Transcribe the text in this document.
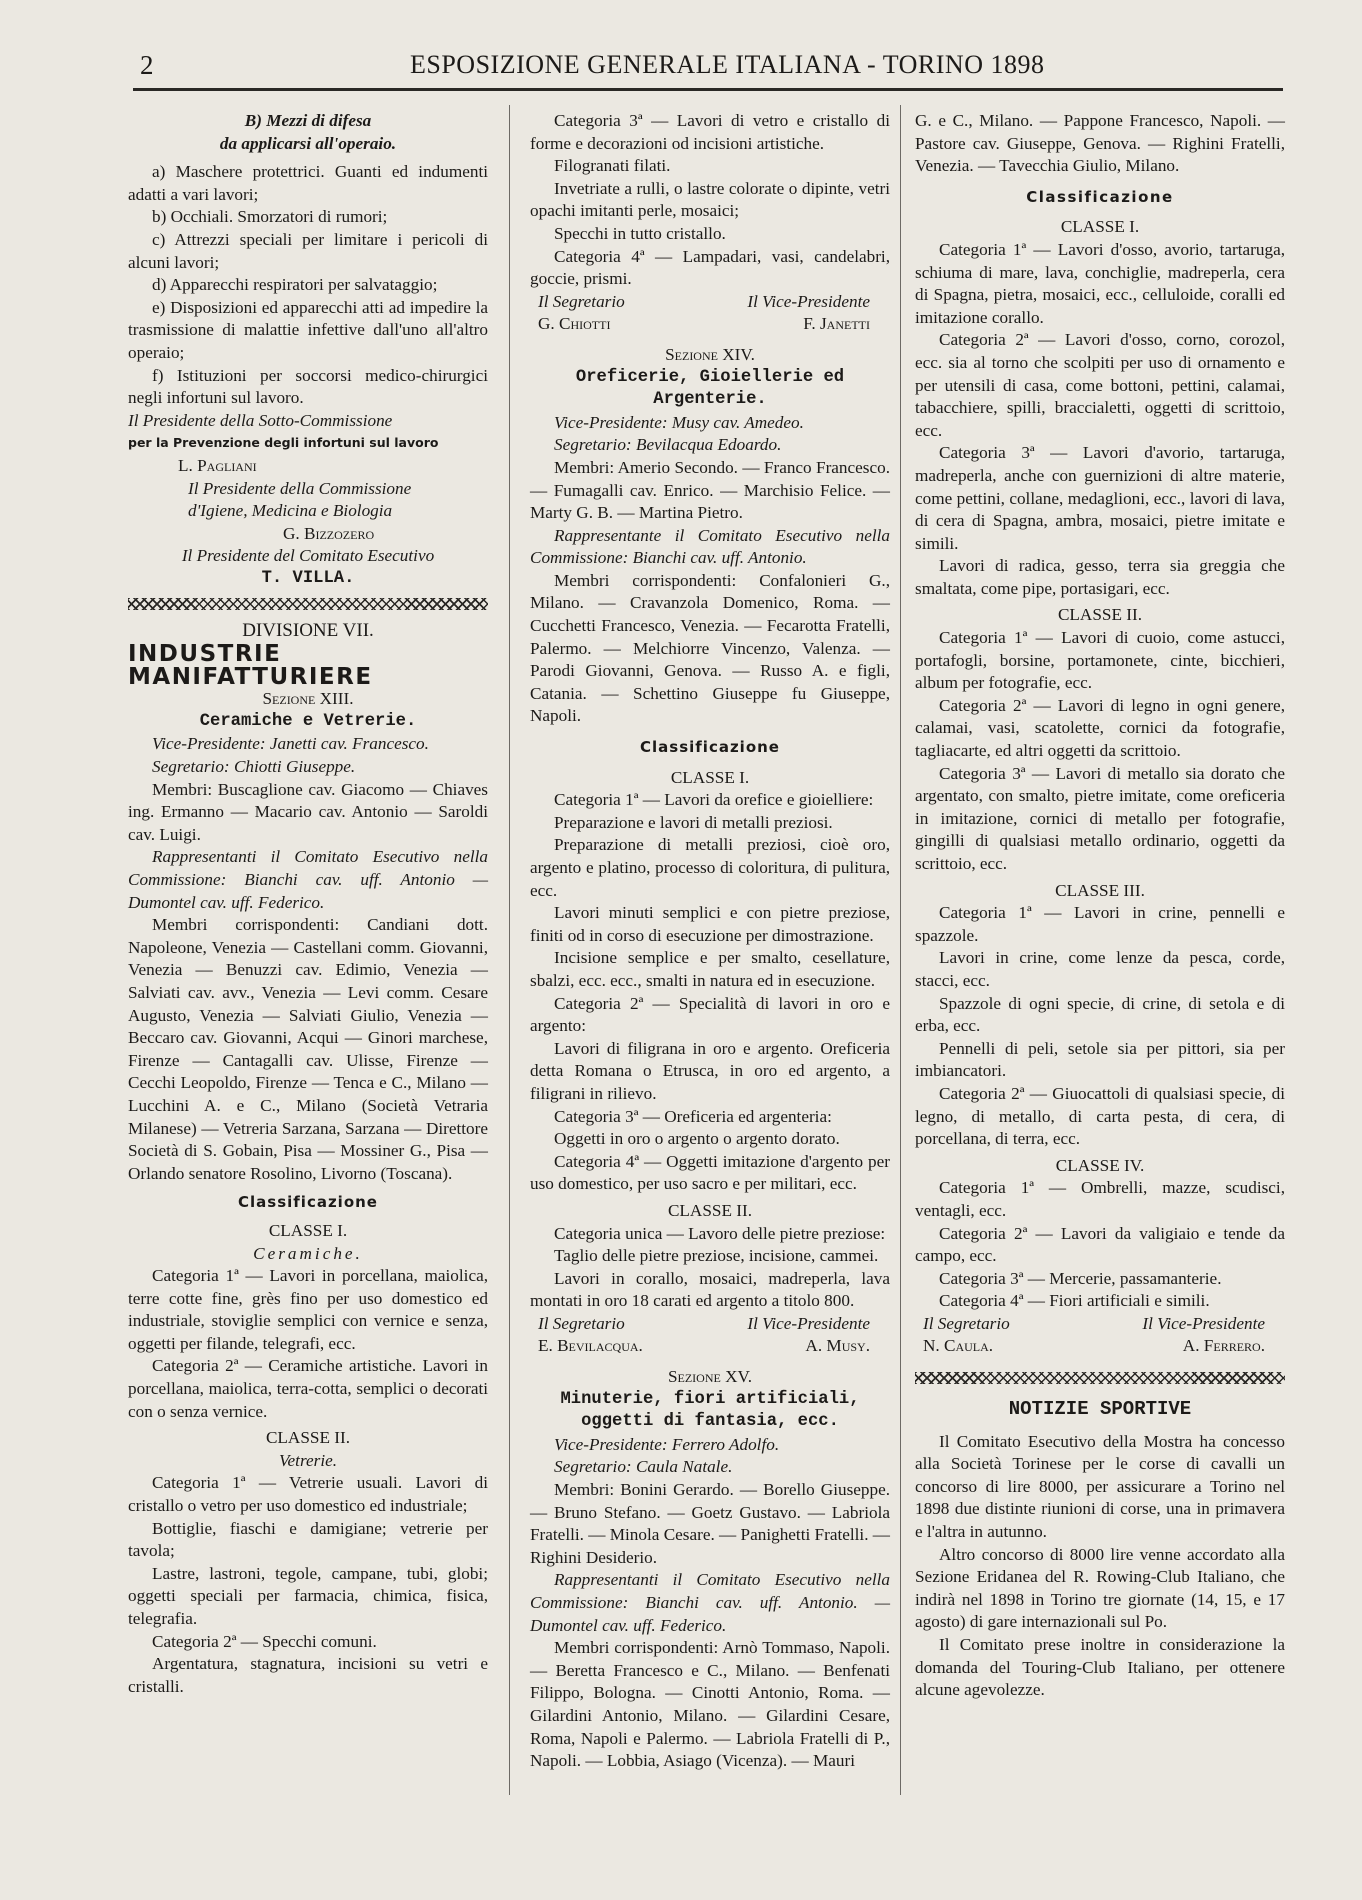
2	ESPOSIZIONE GENERALE ITALIANA - TORINO 1898

B) Mezzi di difesa

da applicarsi all'operaio.

a) Maschere protettrici. Guanti ed indumenti adatti a vari lavori;

b) Occhiali. Smorzatori di rumori;

c) Attrezzi speciali per limitare i pericoli di alcuni lavori;

d) Apparecchi respiratori per salvataggio;

e) Disposizioni ed apparecchi atti ad impedire la trasmissione di malattie infettive dall'uno all'altro operaio;

f) Istituzioni per soccorsi medico-chirurgici negli infortuni sul lavoro.

Il Presidente della Sotto-Commissione

per la Prevenzione degli infortuni sul lavoro

L. Pagliani

Il Presidente della Commissione

d'Igiene, Medicina e Biologia

G. Bizzozero

Il Presidente del Comitato Esecutivo

T. VILLA.

DIVISIONE VII.

INDUSTRIE MANIFATTURIERE

Sezione XIII.

Ceramiche e Vetrerie.

Vice-Presidente: Janetti cav. Francesco.

Segretario: Chiotti Giuseppe.

Membri: Buscaglione cav. Giacomo — Chiaves ing. Ermanno — Macario cav. Antonio — Saroldi cav. Luigi.

Rappresentanti il Comitato Esecutivo nella Commissione: Bianchi cav. uff. Antonio — Dumontel cav. uff. Federico.

Membri corrispondenti: Candiani dott. Napoleone, Venezia — Castellani comm. Giovanni, Venezia — Benuzzi cav. Edimio, Venezia — Salviati cav. avv., Venezia — Levi comm. Cesare Augusto, Venezia — Salviati Giulio, Venezia — Beccaro cav. Giovanni, Acqui — Ginori marchese, Firenze — Cantagalli cav. Ulisse, Firenze — Cecchi Leopoldo, Firenze — Tenca e C., Milano — Lucchini A. e C., Milano (Società Vetraria Milanese) — Vetreria Sarzana, Sarzana — Direttore Società di S. Gobain, Pisa — Mossiner G., Pisa — Orlando senatore Rosolino, Livorno (Toscana).

Classificazione

CLASSE I.

Ceramiche.

Categoria 1ª — Lavori in porcellana, maiolica, terre cotte fine, grès fino per uso domestico ed industriale, stoviglie semplici con vernice e senza, oggetti per filande, telegrafi, ecc.

Categoria 2ª — Ceramiche artistiche. Lavori in porcellana, maiolica, terra-cotta, semplici o decorati con o senza vernice.

CLASSE II.

Vetrerie.

Categoria 1ª — Vetrerie usuali. Lavori di cristallo o vetro per uso domestico ed industriale;

Bottiglie, fiaschi e damigiane; vetrerie per tavola;

Lastre, lastroni, tegole, campane, tubi, globi; oggetti speciali per farmacia, chimica, fisica, telegrafia.

Categoria 2ª — Specchi comuni.

Argentatura, stagnatura, incisioni su vetri e cristalli.

Categoria 3ª — Lavori di vetro e cristallo di forme e decorazioni od incisioni artistiche.

Filogranati filati.

Invetriate a rulli, o lastre colorate o dipinte, vetri opachi imitanti perle, mosaici;

Specchi in tutto cristallo.

Categoria 4ª — Lampadari, vasi, candelabri, goccie, prismi.

Il Segretario	Il Vice-Presidente
G. Chiotti	F. Janetti

Sezione XIV.

Oreficerie, Gioiellerie ed Argenterie.

Vice-Presidente: Musy cav. Amedeo.

Segretario: Bevilacqua Edoardo.

Membri: Amerio Secondo. — Franco Francesco. — Fumagalli cav. Enrico. — Marchisio Felice. — Marty G. B. — Martina Pietro.

Rappresentante il Comitato Esecutivo nella Commissione: Bianchi cav. uff. Antonio.

Membri corrispondenti: Confalonieri G., Milano. — Cravanzola Domenico, Roma. — Cucchetti Francesco, Venezia. — Fecarotta Fratelli, Palermo. — Melchiorre Vincenzo, Valenza. — Parodi Giovanni, Genova. — Russo A. e figli, Catania. — Schettino Giuseppe fu Giuseppe, Napoli.

Classificazione

CLASSE I.

Categoria 1ª — Lavori da orefice e gioielliere:

Preparazione e lavori di metalli preziosi.

Preparazione di metalli preziosi, cioè oro, argento e platino, processo di coloritura, di pulitura, ecc.

Lavori minuti semplici e con pietre preziose, finiti od in corso di esecuzione per dimostrazione.

Incisione semplice e per smalto, cesellature, sbalzi, ecc. ecc., smalti in natura ed in esecuzione.

Categoria 2ª — Specialità di lavori in oro e argento:

Lavori di filigrana in oro e argento. Oreficeria detta Romana o Etrusca, in oro ed argento, a filigrani in rilievo.

Categoria 3ª — Oreficeria ed argenteria:

Oggetti in oro o argento o argento dorato.

Categoria 4ª — Oggetti imitazione d'argento per uso domestico, per uso sacro e per militari, ecc.

CLASSE II.

Categoria unica — Lavoro delle pietre preziose:

Taglio delle pietre preziose, incisione, cammei.

Lavori in corallo, mosaici, madreperla, lava montati in oro 18 carati ed argento a titolo 800.

Il Segretario	Il Vice-Presidente
E. Bevilacqua.	A. Musy.

Sezione XV.

Minuterie, fiori artificiali,

oggetti di fantasia, ecc.

Vice-Presidente: Ferrero Adolfo.

Segretario: Caula Natale.

Membri: Bonini Gerardo. — Borello Giuseppe. — Bruno Stefano. — Goetz Gustavo. — Labriola Fratelli. — Minola Cesare. — Panighetti Fratelli. — Righini Desiderio.

Rappresentanti il Comitato Esecutivo nella Commissione: Bianchi cav. uff. Antonio. — Dumontel cav. uff. Federico.

Membri corrispondenti: Arnò Tommaso, Napoli. — Beretta Francesco e C., Milano. — Benfenati Filippo, Bologna. — Cinotti Antonio, Roma. — Gilardini Antonio, Milano. — Gilardini Cesare, Roma, Napoli e Palermo. — Labriola Fratelli di P., Napoli. — Lobbia, Asiago (Vicenza). — Mauri

G. e C., Milano. — Pappone Francesco, Napoli. — Pastore cav. Giuseppe, Genova. — Righini Fratelli, Venezia. — Tavecchia Giulio, Milano.

Classificazione

CLASSE I.

Categoria 1ª — Lavori d'osso, avorio, tartaruga, schiuma di mare, lava, conchiglie, madreperla, cera di Spagna, pietra, mosaici, ecc., celluloide, coralli ed imitazione corallo.

Categoria 2ª — Lavori d'osso, corno, corozol, ecc. sia al torno che scolpiti per uso di ornamento e per utensili di casa, come bottoni, pettini, calamai, tabacchiere, spilli, braccialetti, oggetti di scrittoio, ecc.

Categoria 3ª — Lavori d'avorio, tartaruga, madreperla, anche con guernizioni di altre materie, come pettini, collane, medaglioni, ecc., lavori di lava, di cera di Spagna, ambra, mosaici, pietre imitate e simili.

Lavori di radica, gesso, terra sia greggia che smaltata, come pipe, portasigari, ecc.

CLASSE II.

Categoria 1ª — Lavori di cuoio, come astucci, portafogli, borsine, portamonete, cinte, bicchieri, album per fotografie, ecc.

Categoria 2ª — Lavori di legno in ogni genere, calamai, vasi, scatolette, cornici da fotografie, tagliacarte, ed altri oggetti da scrittoio.

Categoria 3ª — Lavori di metallo sia dorato che argentato, con smalto, pietre imitate, come oreficeria in imitazione, cornici di metallo per fotografie, gingilli di qualsiasi metallo ordinario, oggetti da scrittoio, ecc.

CLASSE III.

Categoria 1ª — Lavori in crine, pennelli e spazzole.

Lavori in crine, come lenze da pesca, corde, stacci, ecc.

Spazzole di ogni specie, di crine, di setola e di erba, ecc.

Pennelli di peli, setole sia per pittori, sia per imbiancatori.

Categoria 2ª — Giuocattoli di qualsiasi specie, di legno, di metallo, di carta pesta, di cera, di porcellana, di terra, ecc.

CLASSE IV.

Categoria 1ª — Ombrelli, mazze, scudisci, ventagli, ecc.

Categoria 2ª — Lavori da valigiaio e tende da campo, ecc.

Categoria 3ª — Mercerie, passamanterie.

Categoria 4ª — Fiori artificiali e simili.

Il Segretario	Il Vice-Presidente
N. Caula.	A. Ferrero.

NOTIZIE SPORTIVE

Il Comitato Esecutivo della Mostra ha concesso alla Società Torinese per le corse di cavalli un concorso di lire 8000, per assicurare a Torino nel 1898 due distinte riunioni di corse, una in primavera e l'altra in autunno.

Altro concorso di 8000 lire venne accordato alla Sezione Eridanea del R. Rowing-Club Italiano, che indirà nel 1898 in Torino tre giornate (14, 15, e 17 agosto) di gare internazionali sul Po.

Il Comitato prese inoltre in considerazione la domanda del Touring-Club Italiano, per ottenere alcune agevolezze.
